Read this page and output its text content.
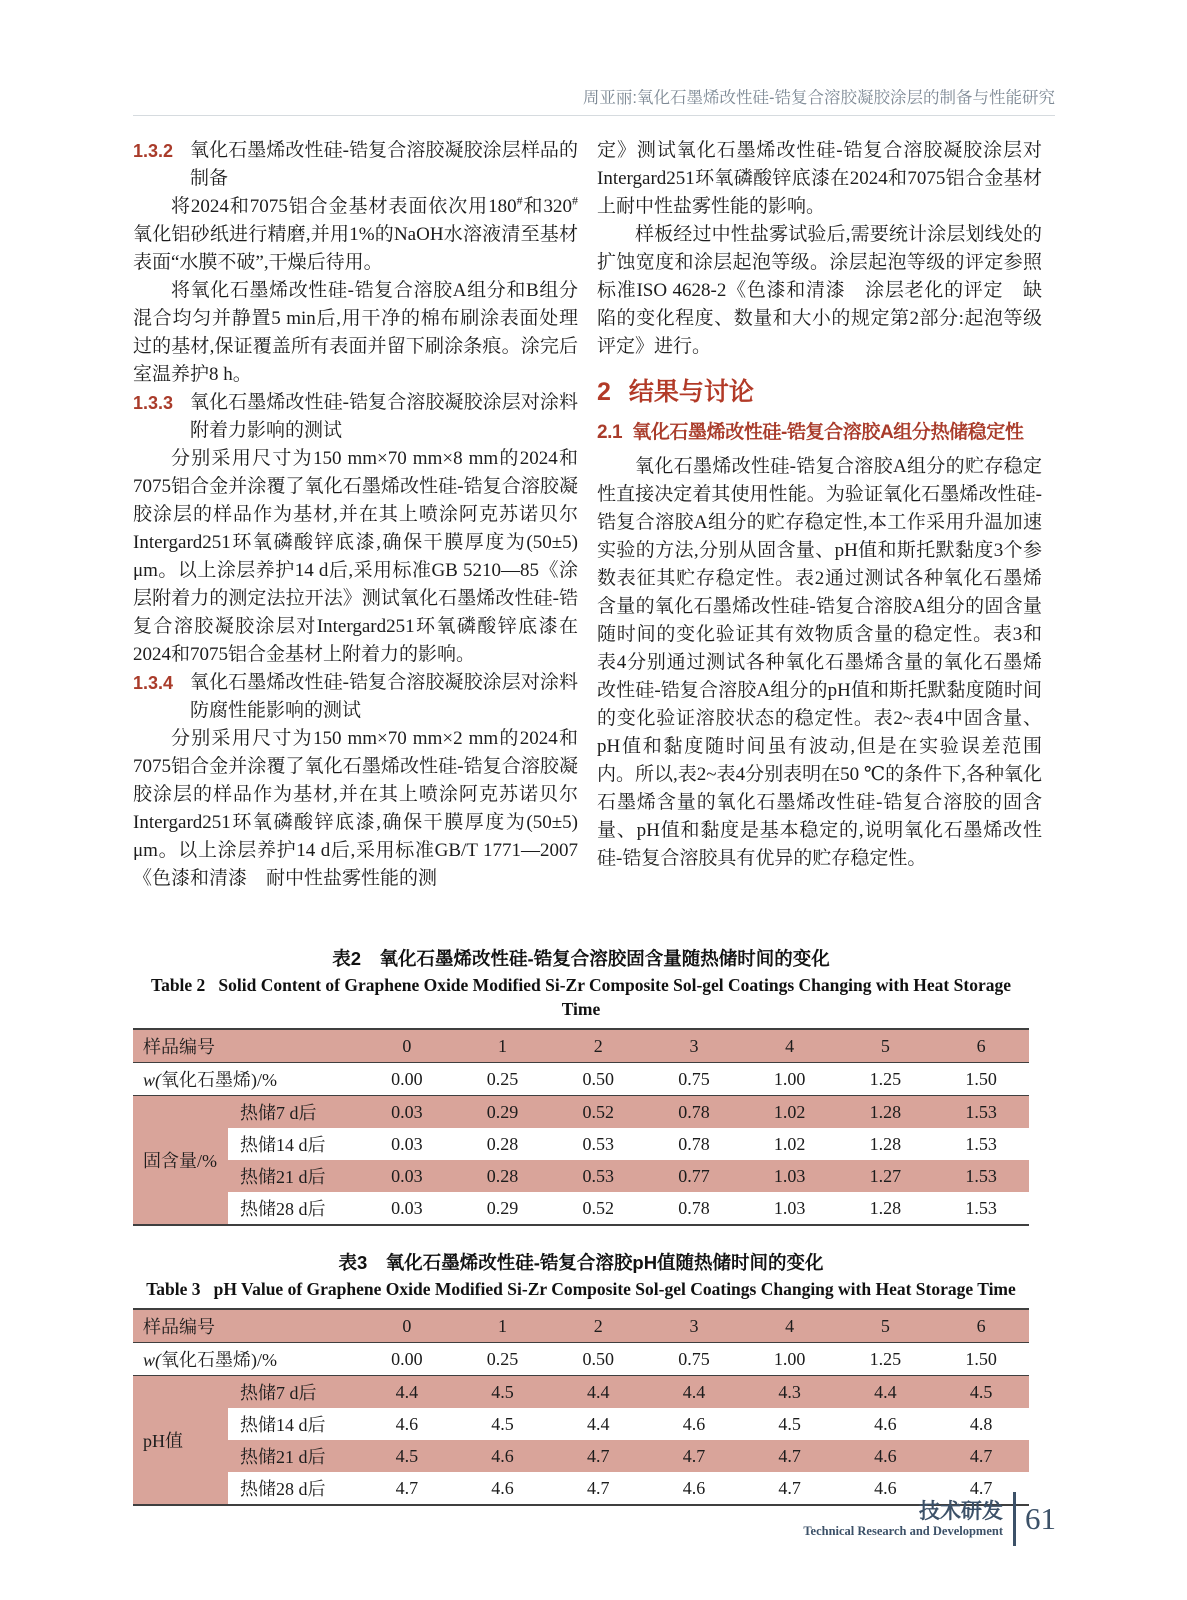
周亚丽:氧化石墨烯改性硅-锆复合溶胶凝胶涂层的制备与性能研究
1.3.2 氧化石墨烯改性硅-锆复合溶胶凝胶涂层样品的制备

将2024和7075铝合金基材表面依次用180#和320#氧化铝砂纸进行精磨,并用1%的NaOH水溶液清至基材表面“水膜不破”,干燥后待用。

将氧化石墨烯改性硅-锆复合溶胶A组分和B组分混合均匀并静置5 min后,用干净的棉布刷涂表面处理过的基材,保证覆盖所有表面并留下刷涂条痕。涂完后室温养护8 h。

1.3.3 氧化石墨烯改性硅-锆复合溶胶凝胶涂层对涂料附着力影响的测试

分别采用尺寸为150 mm×70 mm×8 mm的2024和7075铝合金并涂覆了氧化石墨烯改性硅-锆复合溶胶凝胶涂层的样品作为基材,并在其上喷涂阿克苏诺贝尔Intergard251环氧磷酸锌底漆,确保干膜厚度为(50±5) μm。以上涂层养护14 d后,采用标准GB 5210—85《涂层附着力的测定法拉开法》测试氧化石墨烯改性硅-锆复合溶胶凝胶涂层对Intergard251环氧磷酸锌底漆在2024和7075铝合金基材上附着力的影响。

1.3.4 氧化石墨烯改性硅-锆复合溶胶凝胶涂层对涂料防腐性能影响的测试

分别采用尺寸为150 mm×70 mm×2 mm的2024和7075铝合金并涂覆了氧化石墨烯改性硅-锆复合溶胶凝胶涂层的样品作为基材,并在其上喷涂阿克苏诺贝尔Intergard251环氧磷酸锌底漆,确保干膜厚度为(50±5) μm。以上涂层养护14 d后,采用标准GB/T 1771—2007《色漆和清漆　耐中性盐雾性能的测

定》测试氧化石墨烯改性硅-锆复合溶胶凝胶涂层对Intergard251环氧磷酸锌底漆在2024和7075铝合金基材上耐中性盐雾性能的影响。

样板经过中性盐雾试验后,需要统计涂层划线处的扩蚀宽度和涂层起泡等级。涂层起泡等级的评定参照标准ISO 4628-2《色漆和清漆　涂层老化的评定　缺陷的变化程度、数量和大小的规定第2部分:起泡等级评定》进行。

2 结果与讨论
2.1 氧化石墨烯改性硅-锆复合溶胶A组分热储稳定性

氧化石墨烯改性硅-锆复合溶胶A组分的贮存稳定性直接决定着其使用性能。为验证氧化石墨烯改性硅-锆复合溶胶A组分的贮存稳定性,本工作采用升温加速实验的方法,分别从固含量、pH值和斯托默黏度3个参数表征其贮存稳定性。表2通过测试各种氧化石墨烯含量的氧化石墨烯改性硅-锆复合溶胶A组分的固含量随时间的变化验证其有效物质含量的稳定性。表3和表4分别通过测试各种氧化石墨烯含量的氧化石墨烯改性硅-锆复合溶胶A组分的pH值和斯托默黏度随时间的变化验证溶胶状态的稳定性。表2~表4中固含量、pH值和黏度随时间虽有波动,但是在实验误差范围内。所以,表2~表4分别表明在50 ℃的条件下,各种氧化石墨烯含量的氧化石墨烯改性硅-锆复合溶胶的固含量、pH值和黏度是基本稳定的,说明氧化石墨烯改性硅-锆复合溶胶具有优异的贮存稳定性。

表2　氧化石墨烯改性硅-锆复合溶胶固含量随热储时间的变化
Table 2   Solid Content of Graphene Oxide Modified Si-Zr Composite Sol-gel Coatings Changing with Heat Storage Time
样品编号		0	1	2	3	4	5	6
w(氧化石墨烯)/%		0.00	0.25	0.50	0.75	1.00	1.25	1.50
固含量/%	热储7 d后	0.03	0.29	0.52	0.78	1.02	1.28	1.53
	热储14 d后	0.03	0.28	0.53	0.78	1.02	1.28	1.53
	热储21 d后	0.03	0.28	0.53	0.77	1.03	1.27	1.53
	热储28 d后	0.03	0.29	0.52	0.78	1.03	1.28	1.53
表3　氧化石墨烯改性硅-锆复合溶胶pH值随热储时间的变化
Table 3   pH Value of Graphene Oxide Modified Si-Zr Composite Sol-gel Coatings Changing with Heat Storage Time
样品编号		0	1	2	3	4	5	6
w(氧化石墨烯)/%		0.00	0.25	0.50	0.75	1.00	1.25	1.50
pH值	热储7 d后	4.4	4.5	4.4	4.4	4.3	4.4	4.5
	热储14 d后	4.6	4.5	4.4	4.6	4.5	4.6	4.8
	热储21 d后	4.5	4.6	4.7	4.7	4.7	4.6	4.7
	热储28 d后	4.7	4.6	4.7	4.6	4.7	4.6	4.7
技术研发
Technical Research and Development 61
